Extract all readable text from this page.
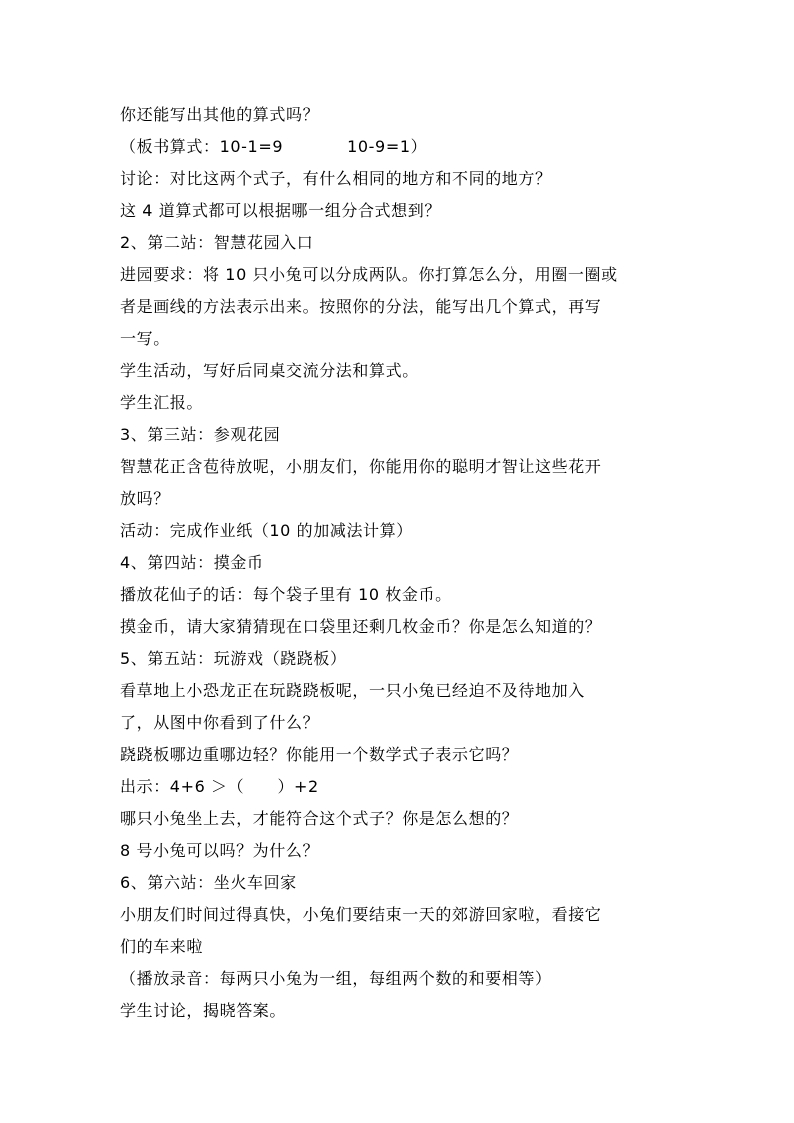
你还能写出其他的算式吗？
（板书算式：10-1=9	10-9=1）
讨论：对比这两个式子，有什么相同的地方和不同的地方？
这 4 道算式都可以根据哪一组分合式想到？
2、第二站：智慧花园入口
进园要求：将 10 只小兔可以分成两队。你打算怎么分，用圈一圈或
者是画线的方法表示出来。按照你的分法，能写出几个算式，再写
一写。
学生活动，写好后同桌交流分法和算式。
学生汇报。
3、第三站：参观花园
智慧花正含苞待放呢，小朋友们，你能用你的聪明才智让这些花开
放吗？
活动：完成作业纸（10 的加减法计算）
4、第四站：摸金币
播放花仙子的话：每个袋子里有 10 枚金币。
摸金币，请大家猜猜现在口袋里还剩几枚金币？你是怎么知道的？
5、第五站：玩游戏（跷跷板）
看草地上小恐龙正在玩跷跷板呢，一只小兔已经迫不及待地加入
了，从图中你看到了什么？
跷跷板哪边重哪边轻？你能用一个数学式子表示它吗？
出示：4+6 ＞（　　）+2
哪只小兔坐上去，才能符合这个式子？你是怎么想的？
8 号小兔可以吗？为什么？
6、第六站：坐火车回家
小朋友们时间过得真快，小兔们要结束一天的郊游回家啦，看接它
们的车来啦
（播放录音：每两只小兔为一组，每组两个数的和要相等）
学生讨论，揭晓答案。
